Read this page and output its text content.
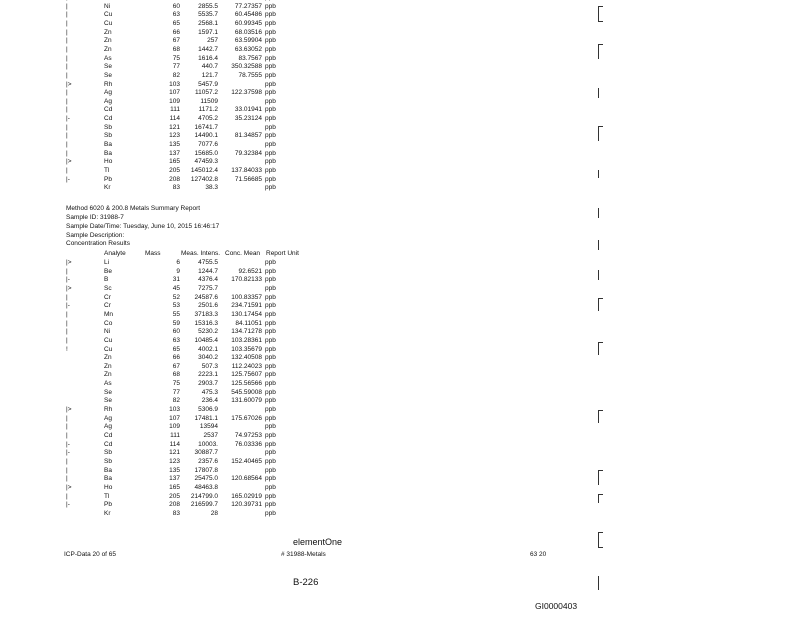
|	Ni	60	2855.5	77.27357 ppb
|	Cu	63	5535.7	60.45486 ppb
|	Cu	65	2568.1	60.99345 ppb
|	Zn	66	1597.1	68.03516 ppb
|	Zn	67	257	63.59904 ppb
|	Zn	68	1442.7	63.63052 ppb
|	As	75	1616.4	83.7567 ppb
|	Se	77	440.7	350.32588 ppb
|	Se	82	121.7	78.7555 ppb
|>	Rh	103	5457.9	ppb
|	Ag	107	11057.2	122.37598 ppb
|	Ag	109	11509	ppb
|	Cd	111	1171.2	33.01941 ppb
|-	Cd	114	4705.2	35.23124 ppb
|	Sb	121	16741.7	ppb
|	Sb	123	14490.1	81.34857 ppb
|	Ba	135	7077.6	ppb
|	Ba	137	15685.0	79.32384 ppb
|>	Ho	165	47459.3	ppb
|	Tl	205	145012.4	137.84033 ppb
|-	Pb	208	127402.8	71.56685 ppb
Kr	83	38.3	ppb
Method 6020 & 200.8 Metals Summary Report
Sample ID: 31988-7
Sample Date/Time: Tuesday, June 10, 2015 16:46:17
Sample Description:
Concentration Results
Analyte	Mass	Meas. Intens. Conc. Mean Report Unit
|>	Li	6	4755.5	ppb
|	Be	9	1244.7	92.6521 ppb
|-	B	31	4376.4	170.82133 ppb
|>	Sc	45	7275.7	ppb
|	Cr	52	24587.6	100.83357 ppb
|-	Cr	53	2501.6	234.71591 ppb
|	Mn	55	37183.3	130.17454 ppb
|	Co	59	15316.3	84.11051 ppb
|	Ni	60	5230.2	134.71278 ppb
|	Cu	63	10485.4	103.28361 ppb
!	Cu	65	4002.1	103.35679 ppb
Zn	66	3040.2	132.40508 ppb
Zn	67	507.3	112.24023 ppb
Zn	68	2223.1	125.75607 ppb
As	75	2903.7	125.56566 ppb
Se	77	475.3	545.59008 ppb
Se	82	236.4	131.60079 ppb
|>	Rh	103	5306.9	ppb
|	Ag	107	17481.1	175.67026 ppb
|	Ag	109	13594	ppb
|	Cd	111	2537	74.97253 ppb
|-	Cd	114	10003.	76.03336 ppb
|-	Sb	121	30887.7	ppb
|	Sb	123	2357.6	152.40465 ppb
|	Ba	135	17807.8	ppb
|	Ba	137	25475.0	120.68564 ppb
|>	Ho	165	48463.8	ppb
|	Tl	205	214799.0	165.02919 ppb
|-	Pb	208	216599.7	120.39731 ppb
Kr	83	28	ppb
elementOne
ICP-Data 20 of 65	# 31988-Metals	63 20
B-226
GI0000403
